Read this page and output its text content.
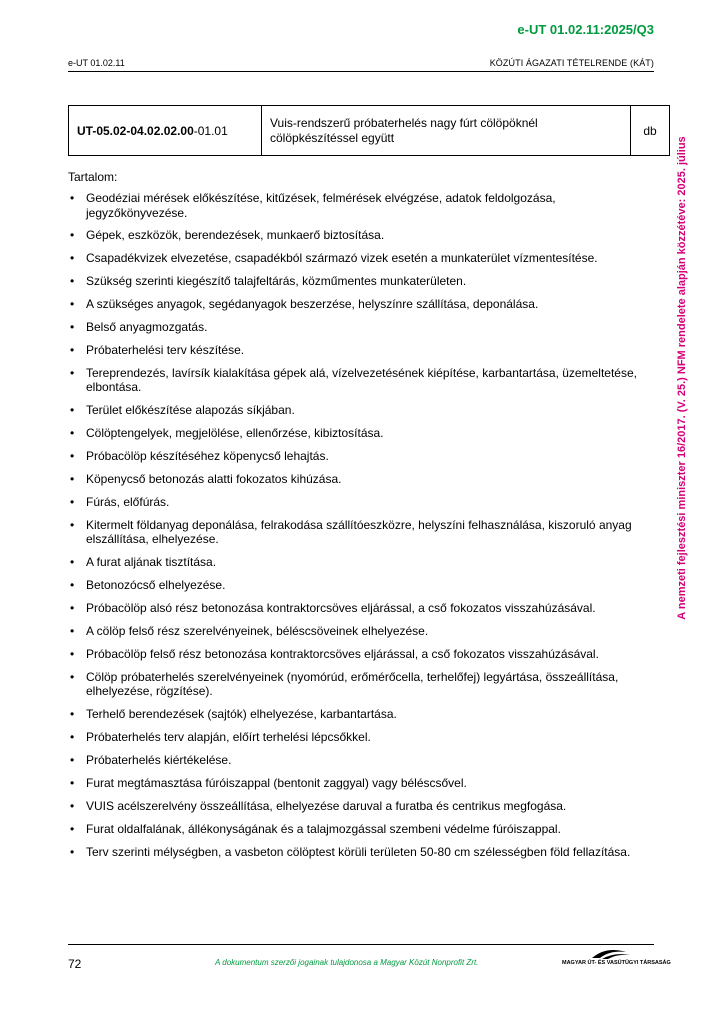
e-UT 01.02.11:2025/Q3
e-UT 01.02.11	KÖZÚTI ÁGAZATI TÉTELRENDE (KÁT)
A nemzeti fejlesztési miniszter 16/2017. (V. 25.) NFM rendelete alapján közzétéve: 2025. július
UT-05.02-04.02.02.00-01.01	Vuis-rendszerű próbaterhelés nagy fúrt cölöpöknél cölöpkészítéssel együtt	db
Tartalom:
• Geodéziai mérések előkészítése, kitűzések, felmérések elvégzése, adatok feldolgozása, jegyzőkönyvezése.
• Gépek, eszközök, berendezések, munkaerő biztosítása.
• Csapadékvizek elvezetése, csapadékból származó vizek esetén a munkaterület vízmentesítése.
• Szükség szerinti kiegészítő talajfeltárás, közműmentes munkaterületen.
• A szükséges anyagok, segédanyagok beszerzése, helyszínre szállítása, deponálása.
• Belső anyagmozgatás.
• Próbaterhelési terv készítése.
• Tereprendezés, lavírsík kialakítása gépek alá, vízelvezetésének kiépítése, karbantartása, üzemeltetése, elbontása.
• Terület előkészítése alapozás síkjában.
• Cölöptengelyek, megjelölése, ellenőrzése, kibiztosítása.
• Próbacölöp készítéséhez köpenycső lehajtás.
• Köpenycső betonozás alatti fokozatos kihúzása.
• Fúrás, előfúrás.
• Kitermelt földanyag deponálása, felrakodása szállítóeszközre, helyszíni felhasználása, kiszoruló anyag elszállítása, elhelyezése.
• A furat aljának tisztítása.
• Betonozócső elhelyezése.
• Próbacölöp alsó rész betonozása kontraktorcsöves eljárással, a cső fokozatos visszahúzásával.
• A cölöp felső rész szerelvényeinek, béléscsöveinek elhelyezése.
• Próbacölöp felső rész betonozása kontraktorcsöves eljárással, a cső fokozatos visszahúzásával.
• Cölöp próbaterhelés szerelvényeinek (nyomórúd, erőmérőcella, terhelőfej) legyártása, összeállítása, elhelyezése, rögzítése).
• Terhelő berendezések (sajtók) elhelyezése, karbantartása.
• Próbaterhelés terv alapján, előírt terhelési lépcsőkkel.
• Próbaterhelés kiértékelése.
• Furat megtámasztása fúróiszappal (bentonit zaggyal) vagy béléscsővel.
• VUIS acélszerelvény összeállítása, elhelyezése daruval a furatba és centrikus megfogása.
• Furat oldalfalának, állékonyságának és a talajmozgással szembeni védelme fúróiszappal.
• Terv szerinti mélységben, a vasbeton cölöptest körüli területen 50-80 cm szélességben föld fellazítása.
72	A dokumentum szerzői jogainak tulajdonosa a Magyar Közút Nonprofit Zrt.	MAGYAR ÚT- ÉS VASÚTÜGYI TÁRSASÁG
